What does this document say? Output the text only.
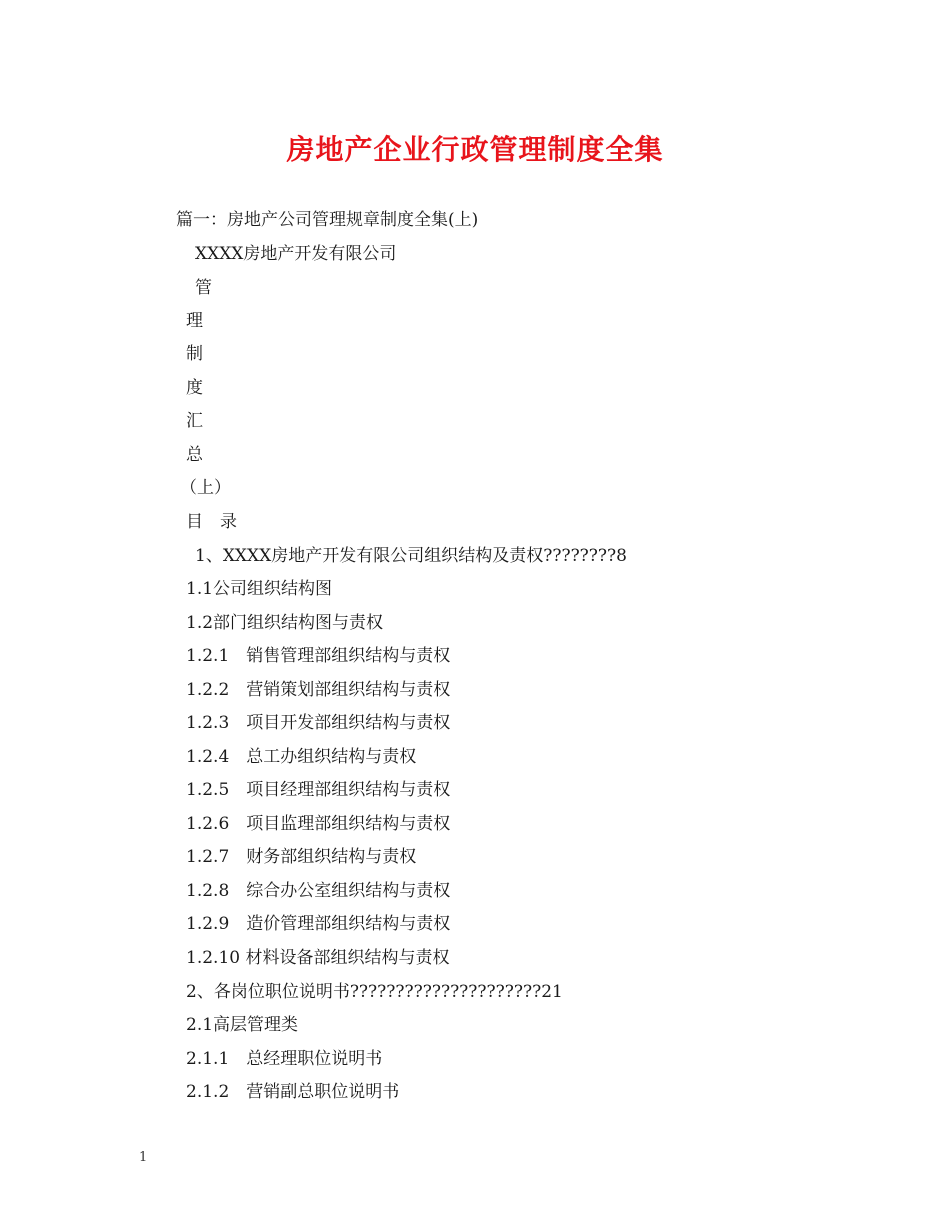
房地产企业行政管理制度全集
篇一：房地产公司管理规章制度全集(上)
XXXX房地产开发有限公司
管
理
制
度
汇
总
（上）
目　录
1、XXXX房地产开发有限公司组织结构及责权????????8
1.1公司组织结构图
1.2部门组织结构图与责权
1.2.1　销售管理部组织结构与责权
1.2.2　营销策划部组织结构与责权
1.2.3　项目开发部组织结构与责权
1.2.4　总工办组织结构与责权
1.2.5　项目经理部组织结构与责权
1.2.6　项目监理部组织结构与责权
1.2.7　财务部组织结构与责权
1.2.8　综合办公室组织结构与责权
1.2.9　造价管理部组织结构与责权
1.2.10 材料设备部组织结构与责权
2、各岗位职位说明书?????????????????????21
2.1高层管理类
2.1.1　总经理职位说明书
2.1.2　营销副总职位说明书
1
